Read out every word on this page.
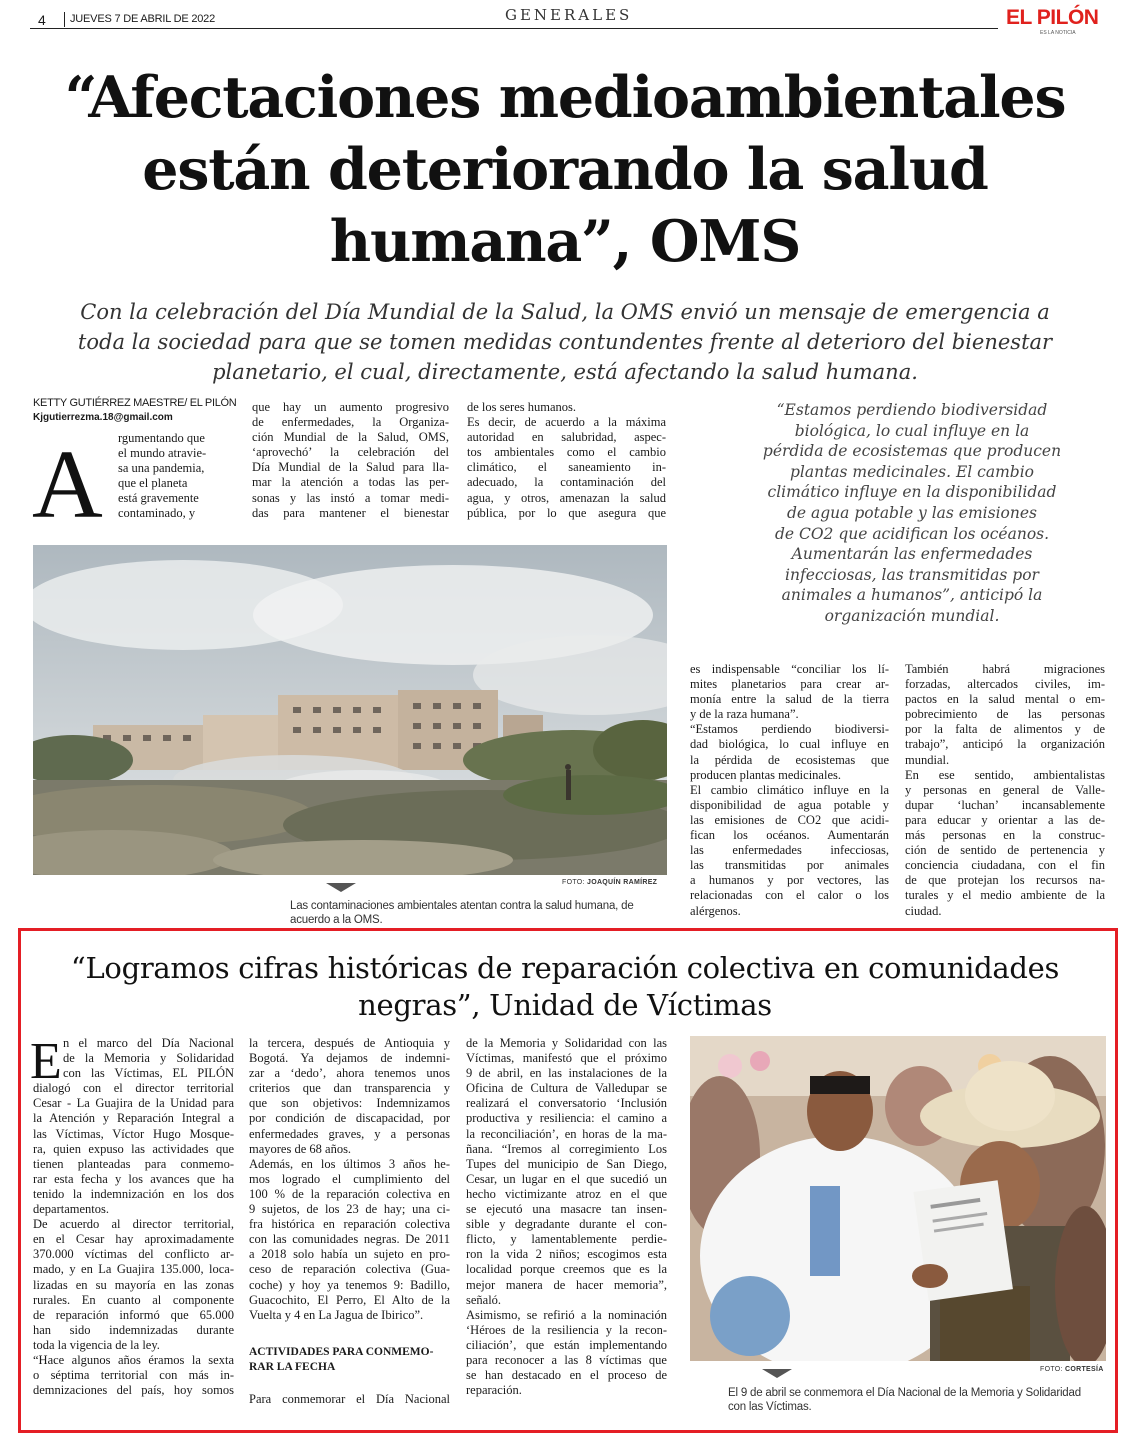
4 JUEVES 7 DE ABRIL DE 2022	GENERALES	EL PILÓN
ES LA NOTICIA
“Afectaciones medioambientales
están deteriorando la salud
humana”, OMS
Con la celebración del Día Mundial de la Salud, la OMS envió un mensaje de emergencia a
toda la sociedad para que se tomen medidas contundentes frente al deterioro del bienestar
planetario, el cual, directamente, está afectando la salud humana.
KETTY GUTIÉRREZ MAESTRE/ EL PILÓN
Kjgutierrezma.18@gmail.com
A rgumentando que

el mundo atravie-

sa una pandemia,

que el planeta

está gravemente

contaminado, y

que hay un aumento progresivo

de enfermedades, la Organiza-

ción Mundial de la Salud, OMS,

‘aprovechó’ la celebración del

Día Mundial de la Salud para lla-

mar la atención a todas las per-

sonas y las instó a tomar medi-

das para mantener el bienestar

de los seres humanos.

Es decir, de acuerdo a la máxima

autoridad en salubridad, aspec-

tos ambientales como el cambio

climático, el saneamiento in-

adecuado, la contaminación del

agua, y otros, amenazan la salud

pública, por lo que asegura que

“Estamos perdiendo biodiversidad

biológica, lo cual influye en la

pérdida de ecosistemas que producen

plantas medicinales. El cambio

climático influye en la disponibilidad

de agua potable y las emisiones

de CO2 que acidifican los océanos.

Aumentarán las enfermedades

infecciosas, las transmitidas por

animales a humanos”, anticipó la

organización mundial.

FOTO: JOAQUÍN RAMÍREZ
Las contaminaciones ambientales atentan contra la salud humana, de
acuerdo a la OMS.

es indispensable “conciliar los lí-

mites planetarios para crear ar-

monía entre la salud de la tierra

y de la raza humana”.

“Estamos perdiendo biodiversi-

dad biológica, lo cual influye en

la pérdida de ecosistemas que

producen plantas medicinales.

El cambio climático influye en la

disponibilidad de agua potable y

las emisiones de CO2 que acidi-

fican los océanos. Aumentarán

las enfermedades infecciosas,

las transmitidas por animales

a humanos y por vectores, las

relacionadas con el calor o los

alérgenos.

También habrá migraciones

forzadas, altercados civiles, im-

pactos en la salud mental o em-

pobrecimiento de las personas

por la falta de alimentos y de

trabajo”, anticipó la organización

mundial.

En ese sentido, ambientalistas

y personas en general de Valle-

dupar ‘luchan’ incansablemente

para educar y orientar a las de-

más personas en la construc-

ción de sentido de pertenencia y

conciencia ciudadana, con el fin

de que protejan los recursos na-

turales y el medio ambiente de la

ciudad.

“Logramos cifras históricas de reparación colectiva en comunidades
negras”, Unidad de Víctimas
E n el marco del Día Nacional

de la Memoria y Solidaridad

con las Víctimas, EL PILÓN

dialogó con el director territorial

Cesar - La Guajira de la Unidad para

la Atención y Reparación Integral a

las Víctimas, Víctor Hugo Mosque-

ra, quien expuso las actividades que

tienen planteadas para conmemo-

rar esta fecha y los avances que ha

tenido la indemnización en los dos

departamentos.

De acuerdo al director territorial,

en el Cesar hay aproximadamente

370.000 víctimas del conflicto ar-

mado, y en La Guajira 135.000, loca-

lizadas en su mayoría en las zonas

rurales. En cuanto al componente

de reparación informó que 65.000

han sido indemnizadas durante

toda la vigencia de la ley.

“Hace algunos años éramos la sexta

o séptima territorial con más in-

demnizaciones del país, hoy somos

la tercera, después de Antioquia y

Bogotá. Ya dejamos de indemni-

zar a ‘dedo’, ahora tenemos unos

criterios que dan transparencia y

que son objetivos: Indemnizamos

por condición de discapacidad, por

enfermedades graves, y a personas

mayores de 68 años.

Además, en los últimos 3 años he-

mos logrado el cumplimiento del

100 % de la reparación colectiva en

9 sujetos, de los 23 de hay; una ci-

fra histórica en reparación colectiva

con las comunidades negras. De 2011

a 2018 solo había un sujeto en pro-

ceso de reparación colectiva (Gua-

coche) y hoy ya tenemos 9: Badillo,

Guacochito, El Perro, El Alto de la

Vuelta y 4 en La Jagua de Ibirico”.

ACTIVIDADES PARA CONMEMO-
RAR LA FECHA

Para conmemorar el Día Nacional

de la Memoria y Solidaridad con las

Víctimas, manifestó que el próximo

9 de abril, en las instalaciones de la

Oficina de Cultura de Valledupar se

realizará el conversatorio ‘Inclusión

productiva y resiliencia: el camino a

la reconciliación’, en horas de la ma-

ñana. “Iremos al corregimiento Los

Tupes del municipio de San Diego,

Cesar, un lugar en el que sucedió un

hecho victimizante atroz en el que

se ejecutó una masacre tan insen-

sible y degradante durante el con-

flicto, y lamentablemente perdie-

ron la vida 2 niños; escogimos esta

localidad porque creemos que es la

mejor manera de hacer memoria”,

señaló.

Asimismo, se refirió a la nominación

‘Héroes de la resiliencia y la recon-

ciliación’, que están implementando

para reconocer a las 8 víctimas que

se han destacado en el proceso de

reparación.

FOTO: CORTESÍA
El 9 de abril se conmemora el Día Nacional de la Memoria y Solidaridad
con las Víctimas.
